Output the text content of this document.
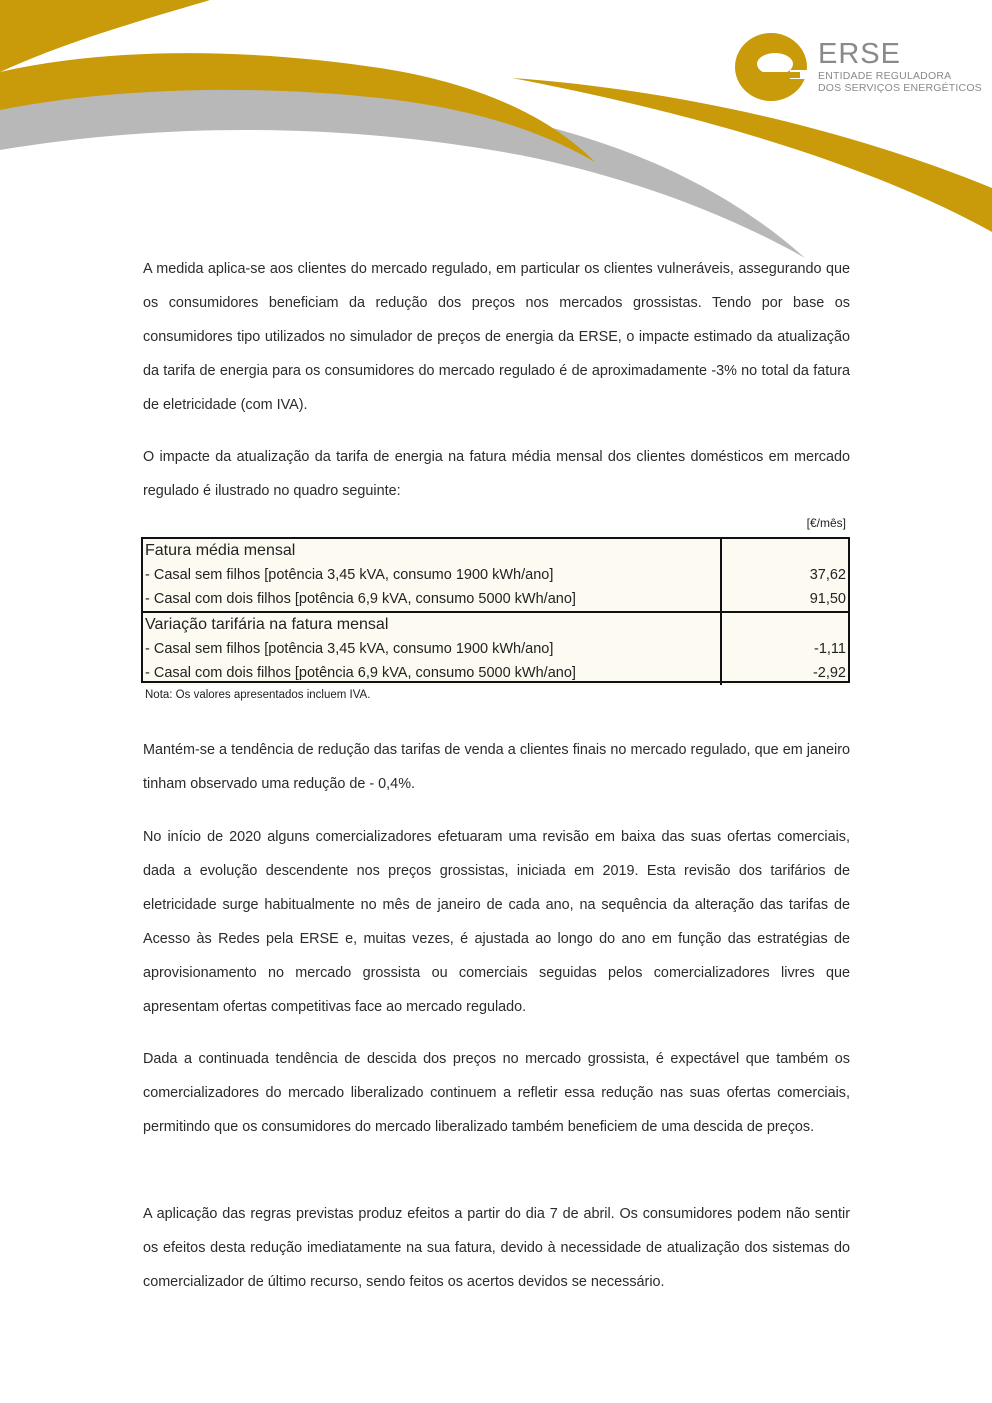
ERSE
ENTIDADE REGULADORA
DOS SERVIÇOS ENERGÉTICOS

A medida aplica-se aos clientes do mercado regulado, em particular os clientes vulneráveis, assegurando que os consumidores beneficiam da redução dos preços nos mercados grossistas. Tendo por base os consumidores tipo utilizados no simulador de preços de energia da ERSE, o impacte estimado da atualização da tarifa de energia para os consumidores do mercado regulado é de aproximadamente -3% no total da fatura de eletricidade (com IVA).

O impacte da atualização da tarifa de energia na fatura média mensal dos clientes domésticos em mercado regulado é ilustrado no quadro seguinte:

[€/mês]
Fatura média mensal	
- Casal sem filhos [potência 3,45 kVA, consumo 1900 kWh/ano]	37,62
- Casal com dois filhos [potência 6,9 kVA, consumo 5000 kWh/ano]	91,50
Variação tarifária na fatura mensal	
- Casal sem filhos [potência 3,45 kVA, consumo 1900 kWh/ano]	-1,11
- Casal com dois filhos [potência 6,9 kVA, consumo 5000 kWh/ano]	-2,92
Nota: Os valores apresentados incluem IVA.

Mantém-se a tendência de redução das tarifas de venda a clientes finais no mercado regulado, que em janeiro tinham observado uma redução de - 0,4%.

No início de 2020 alguns comercializadores efetuaram uma revisão em baixa das suas ofertas comerciais, dada a evolução descendente nos preços grossistas, iniciada em 2019. Esta revisão dos tarifários de eletricidade surge habitualmente no mês de janeiro de cada ano, na sequência da alteração das tarifas de Acesso às Redes pela ERSE e, muitas vezes, é ajustada ao longo do ano em função das estratégias de aprovisionamento no mercado grossista ou comerciais seguidas pelos comercializadores livres que apresentam ofertas competitivas face ao mercado regulado.

Dada a continuada tendência de descida dos preços no mercado grossista, é expectável que também os comercializadores do mercado liberalizado continuem a refletir essa redução nas suas ofertas comerciais, permitindo que os consumidores do mercado liberalizado também beneficiem de uma descida de preços.

A aplicação das regras previstas produz efeitos a partir do dia 7 de abril. Os consumidores podem não sentir os efeitos desta redução imediatamente na sua fatura, devido à necessidade de atualização dos sistemas do comercializador de último recurso, sendo feitos os acertos devidos se necessário.
